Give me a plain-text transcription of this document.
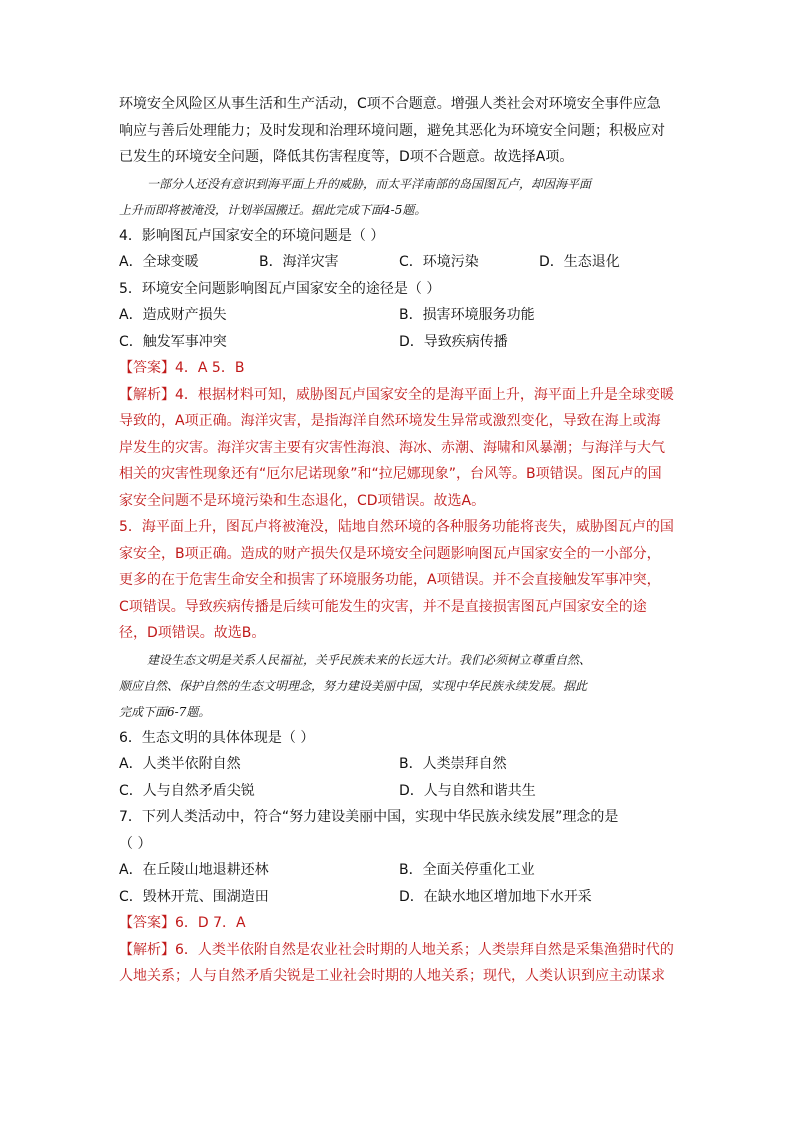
环境安全风险区从事生活和生产活动，C项不合题意。增强人类社会对环境安全事件应急
响应与善后处理能力；及时发现和治理环境问题，避免其恶化为环境安全问题；积极应对
已发生的环境安全问题，降低其伤害程度等，D项不合题意。故选择A项。
一部分人还没有意识到海平面上升的威胁，而太平洋南部的岛国图瓦卢，却因海平面
上升而即将被淹没，计划举国搬迁。据此完成下面4-5题。
4．影响图瓦卢国家安全的环境问题是（ ）
A．全球变暖	B．海洋灾害	C．环境污染	D．生态退化
5．环境安全问题影响图瓦卢国家安全的途径是（ ）
A．造成财产损失	B．损害环境服务功能
C．触发军事冲突	D．导致疾病传播
【答案】4．A 5．B
【解析】4．根据材料可知，威胁图瓦卢国家安全的是海平面上升，海平面上升是全球变暖
导致的，A项正确。海洋灾害，是指海洋自然环境发生异常或激烈变化，导致在海上或海
岸发生的灾害。海洋灾害主要有灾害性海浪、海冰、赤潮、海啸和风暴潮；与海洋与大气
相关的灾害性现象还有“厄尔尼诺现象”和“拉尼娜现象”，台风等。B项错误。图瓦卢的国
家安全问题不是环境污染和生态退化，CD项错误。故选A。
5．海平面上升，图瓦卢将被淹没，陆地自然环境的各种服务功能将丧失，威胁图瓦卢的国
家安全，B项正确。造成的财产损失仅是环境安全问题影响图瓦卢国家安全的一小部分，
更多的在于危害生命安全和损害了环境服务功能，A项错误。并不会直接触发军事冲突，
C项错误。导致疾病传播是后续可能发生的灾害，并不是直接损害图瓦卢国家安全的途
径，D项错误。故选B。
建设生态文明是关系人民福祉，关乎民族未来的长远大计。我们必须树立尊重自然、
顺应自然、保护自然的生态文明理念，努力建设美丽中国，实现中华民族永续发展。据此
完成下面6-7题。
6．生态文明的具体体现是（ ）
A．人类半依附自然	B．人类崇拜自然
C．人与自然矛盾尖锐	D．人与自然和谐共生
7．下列人类活动中，符合“努力建设美丽中国，实现中华民族永续发展”理念的是
（ ）
A．在丘陵山地退耕还林	B．全面关停重化工业
C．毁林开荒、围湖造田	D．在缺水地区增加地下水开采
【答案】6．D 7．A
【解析】6．人类半依附自然是农业社会时期的人地关系；人类崇拜自然是采集渔猎时代的
人地关系；人与自然矛盾尖锐是工业社会时期的人地关系；现代，人类认识到应主动谋求
